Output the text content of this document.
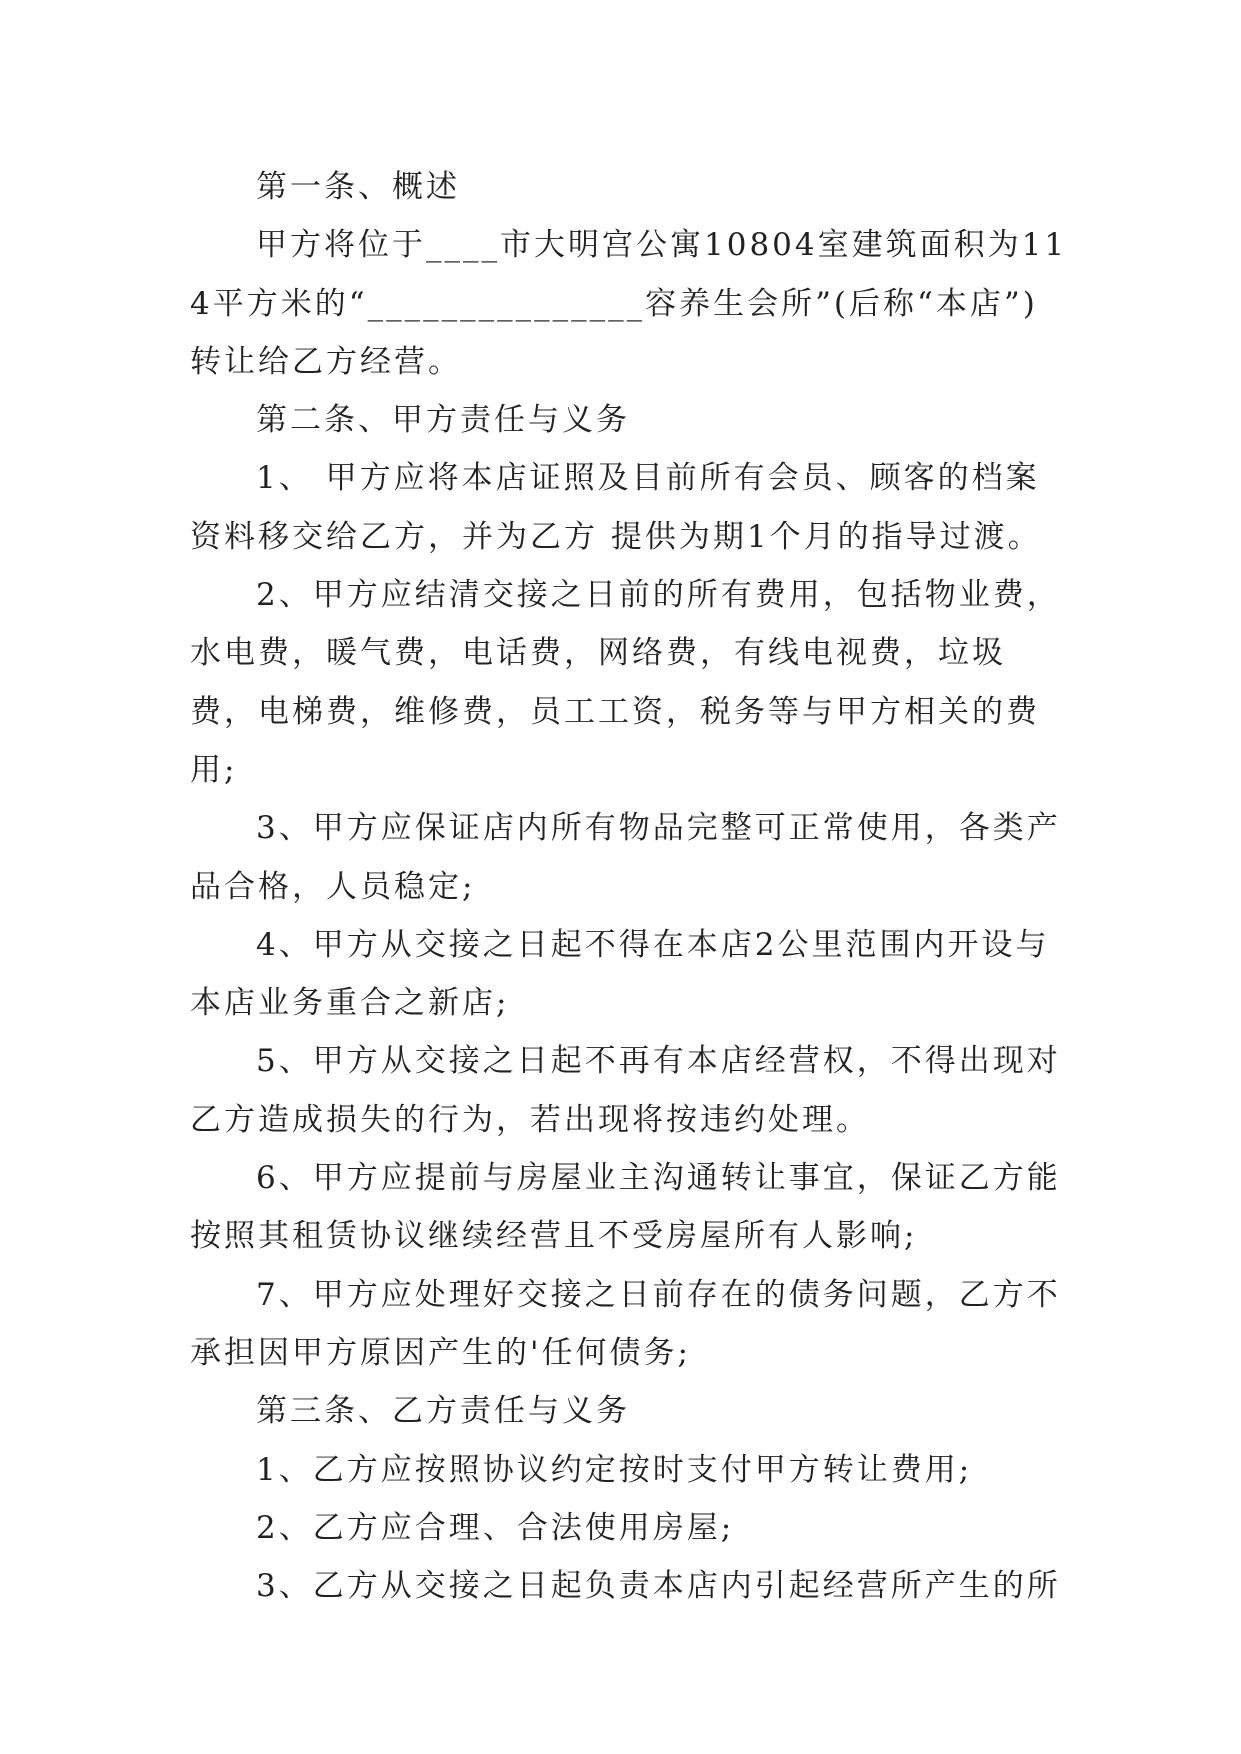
第一条、概述

甲方将位于____市大明宫公寓10804室建筑面积为114平方米的“_______________容养生会所”(后称“本店”)转让给乙方经营。

第二条、甲方责任与义务

1、 甲方应将本店证照及目前所有会员、顾客的档案资料移交给乙方，并为乙方 提供为期1个月的指导过渡。

2、甲方应结清交接之日前的所有费用，包括物业费，水电费，暖气费，电话费，网络费，有线电视费，垃圾费，电梯费，维修费，员工工资，税务等与甲方相关的费用;

3、甲方应保证店内所有物品完整可正常使用，各类产品合格，人员稳定;

4、甲方从交接之日起不得在本店2公里范围内开设与本店业务重合之新店;

5、甲方从交接之日起不再有本店经营权，不得出现对乙方造成损失的行为，若出现将按违约处理。

6、甲方应提前与房屋业主沟通转让事宜，保证乙方能按照其租赁协议继续经营且不受房屋所有人影响;

7、甲方应处理好交接之日前存在的债务问题，乙方不承担因甲方原因产生的'任何债务;

第三条、乙方责任与义务

1、乙方应按照协议约定按时支付甲方转让费用;

2、乙方应合理、合法使用房屋;

3、乙方从交接之日起负责本店内引起经营所产生的所
